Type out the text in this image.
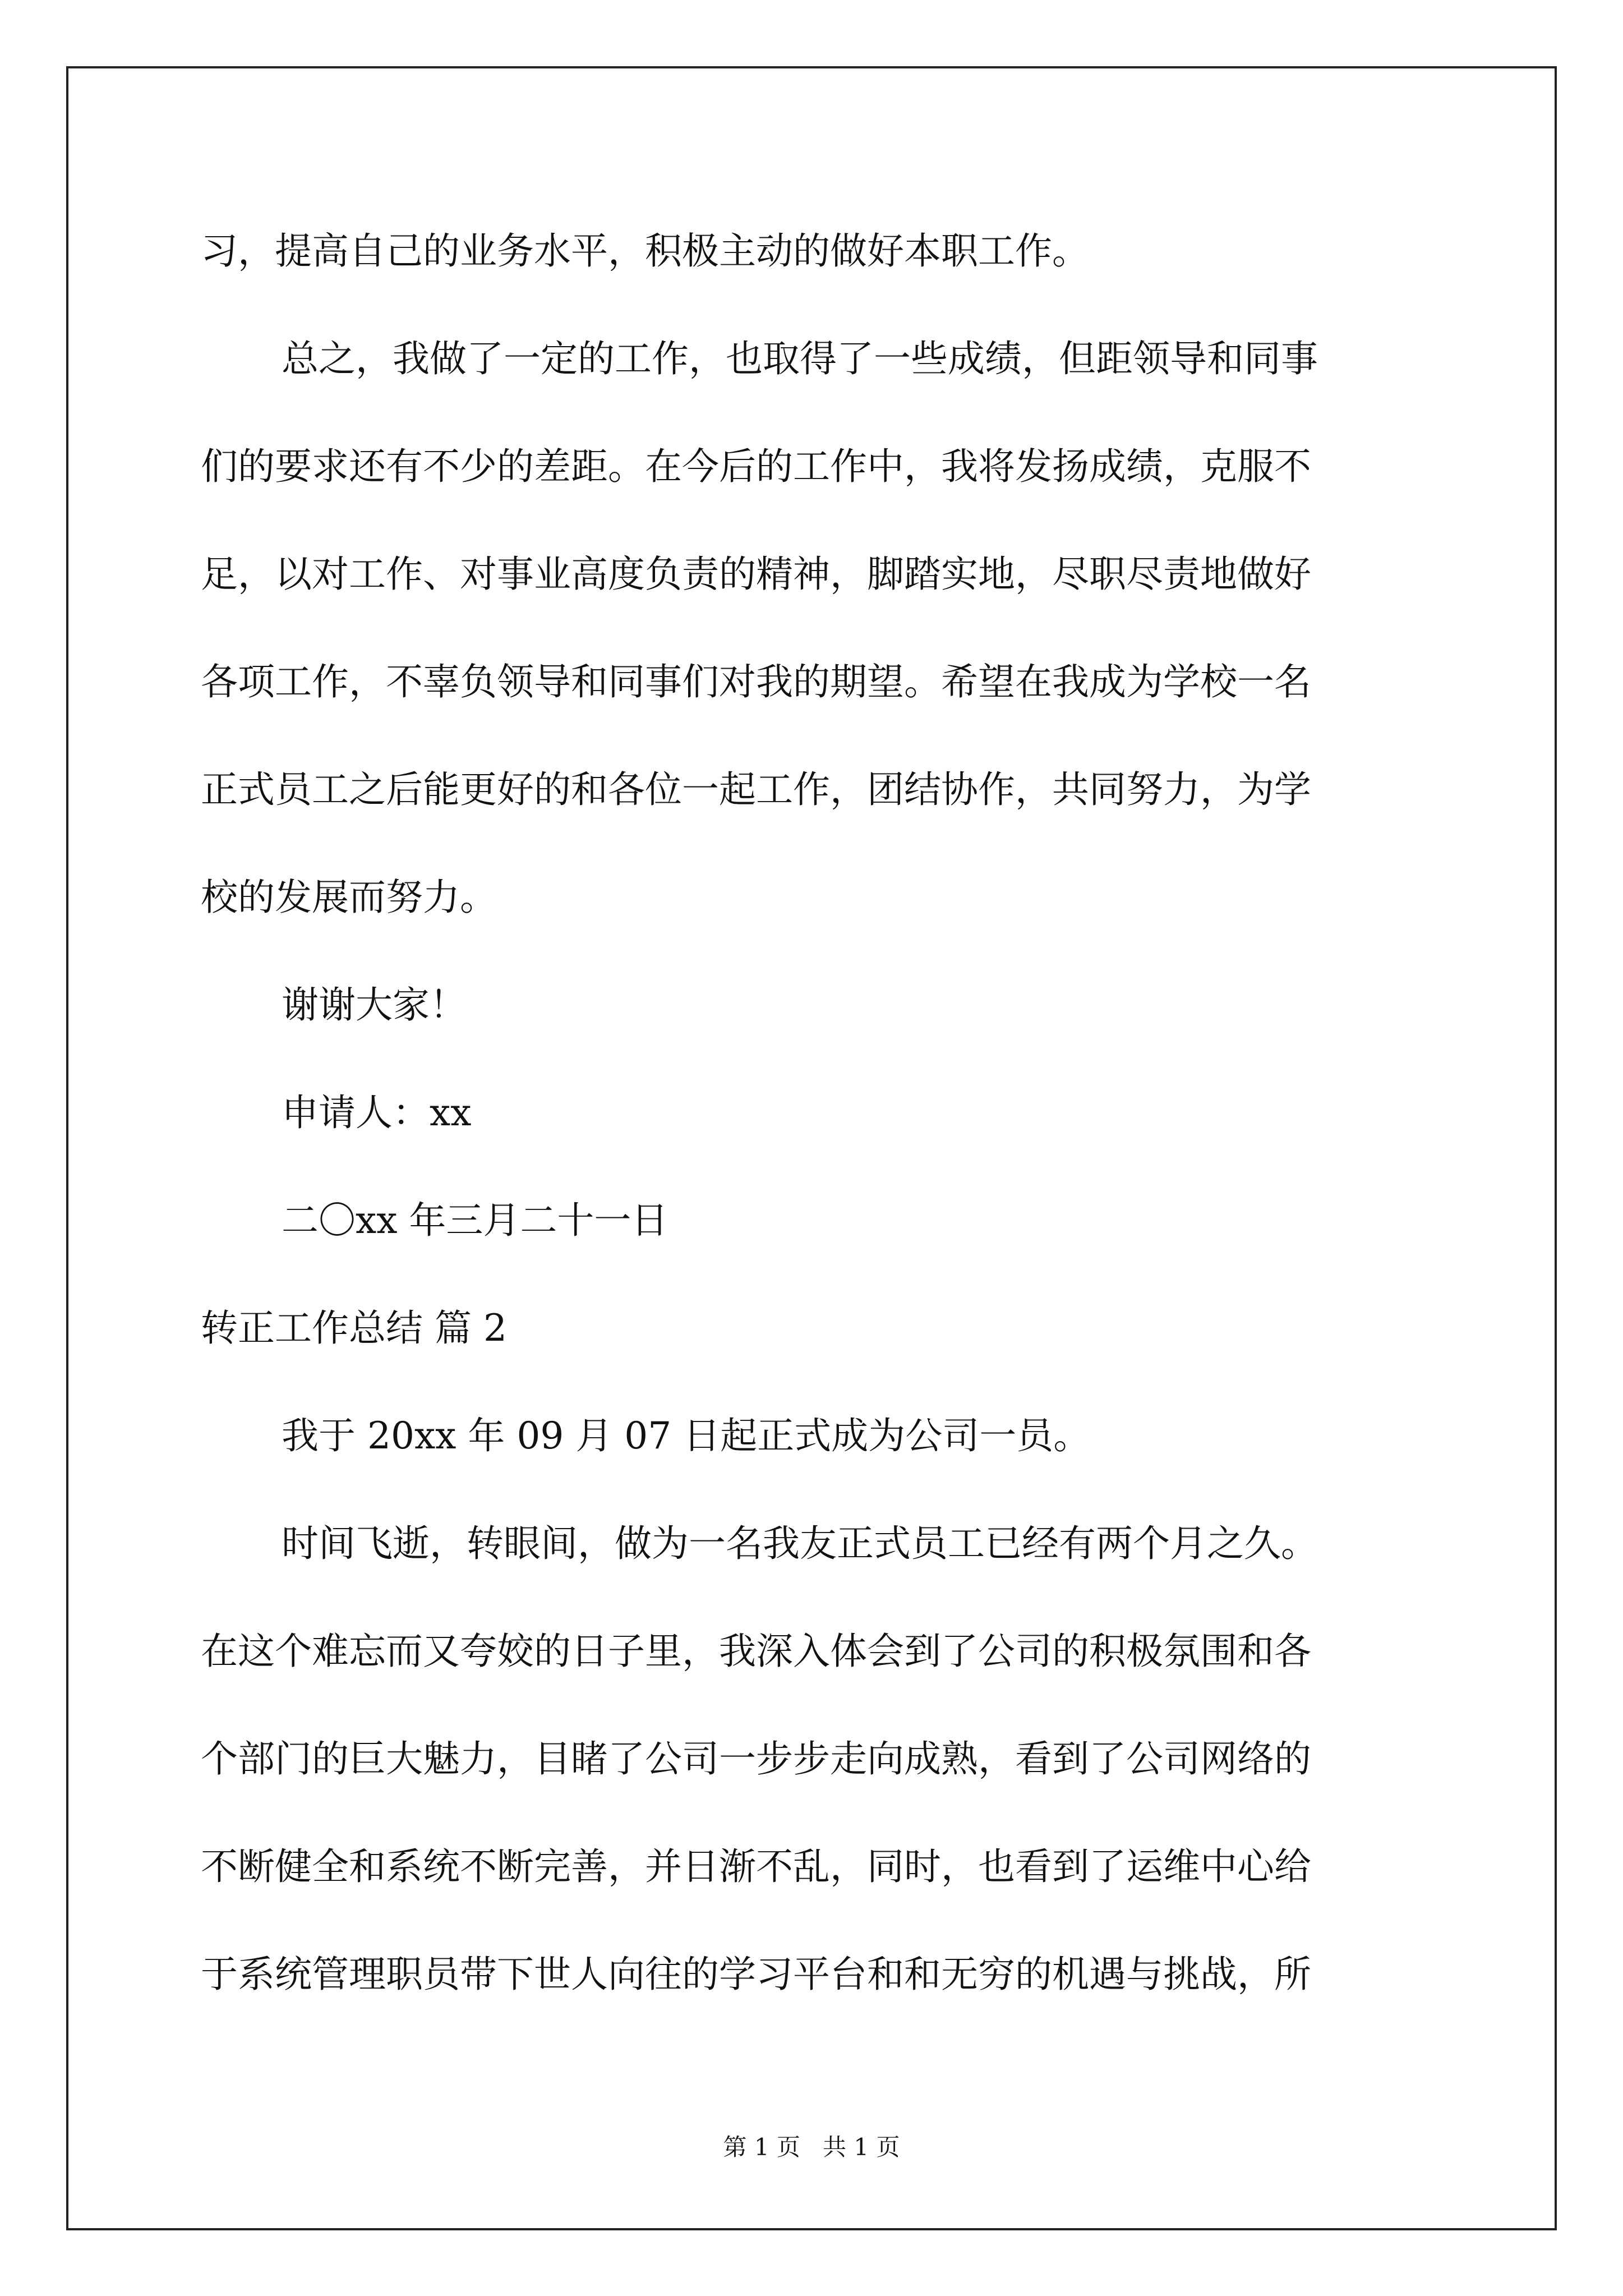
习，提高自己的业务水平，积极主动的做好本职工作。
总之，我做了一定的工作，也取得了一些成绩，但距领导和同事
们的要求还有不少的差距。在今后的工作中，我将发扬成绩，克服不
足，以对工作、对事业高度负责的精神，脚踏实地，尽职尽责地做好
各项工作，不辜负领导和同事们对我的期望。希望在我成为学校一名
正式员工之后能更好的和各位一起工作，团结协作，共同努力，为学
校的发展而努力。
谢谢大家！
申请人：xx
二〇xx 年三月二十一日
转正工作总结 篇 2
我于 20xx 年 09 月 07 日起正式成为公司一员。
时间飞逝，转眼间，做为一名我友正式员工已经有两个月之久。
在这个难忘而又夸姣的日子里，我深入体会到了公司的积极氛围和各
个部门的巨大魅力，目睹了公司一步步走向成熟，看到了公司网络的
不断健全和系统不断完善，并日渐不乱，同时，也看到了运维中心给
于系统管理职员带下世人向往的学习平台和和无穷的机遇与挑战，所
第 1 页   共 1 页
